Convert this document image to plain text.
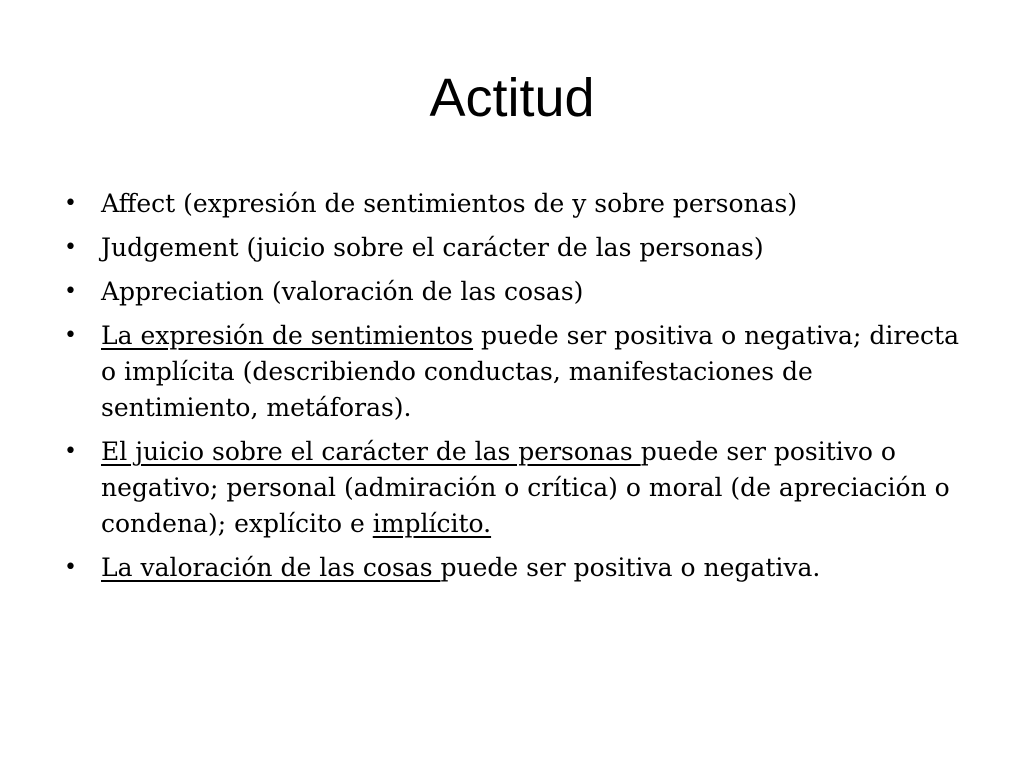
Actitud
• Affect (expresión de sentimientos de y sobre personas)
• Judgement (juicio sobre el carácter de las personas)
• Appreciation (valoración de las cosas)
• La expresión de sentimientos puede ser positiva o negativa; directa o implícita (describiendo conductas, manifestaciones de sentimiento, metáforas).
• El juicio sobre el carácter de las personas puede ser positivo o negativo; personal (admiración o crítica) o moral (de apreciación o condena); explícito e implícito.
• La valoración de las cosas puede ser positiva o negativa.
